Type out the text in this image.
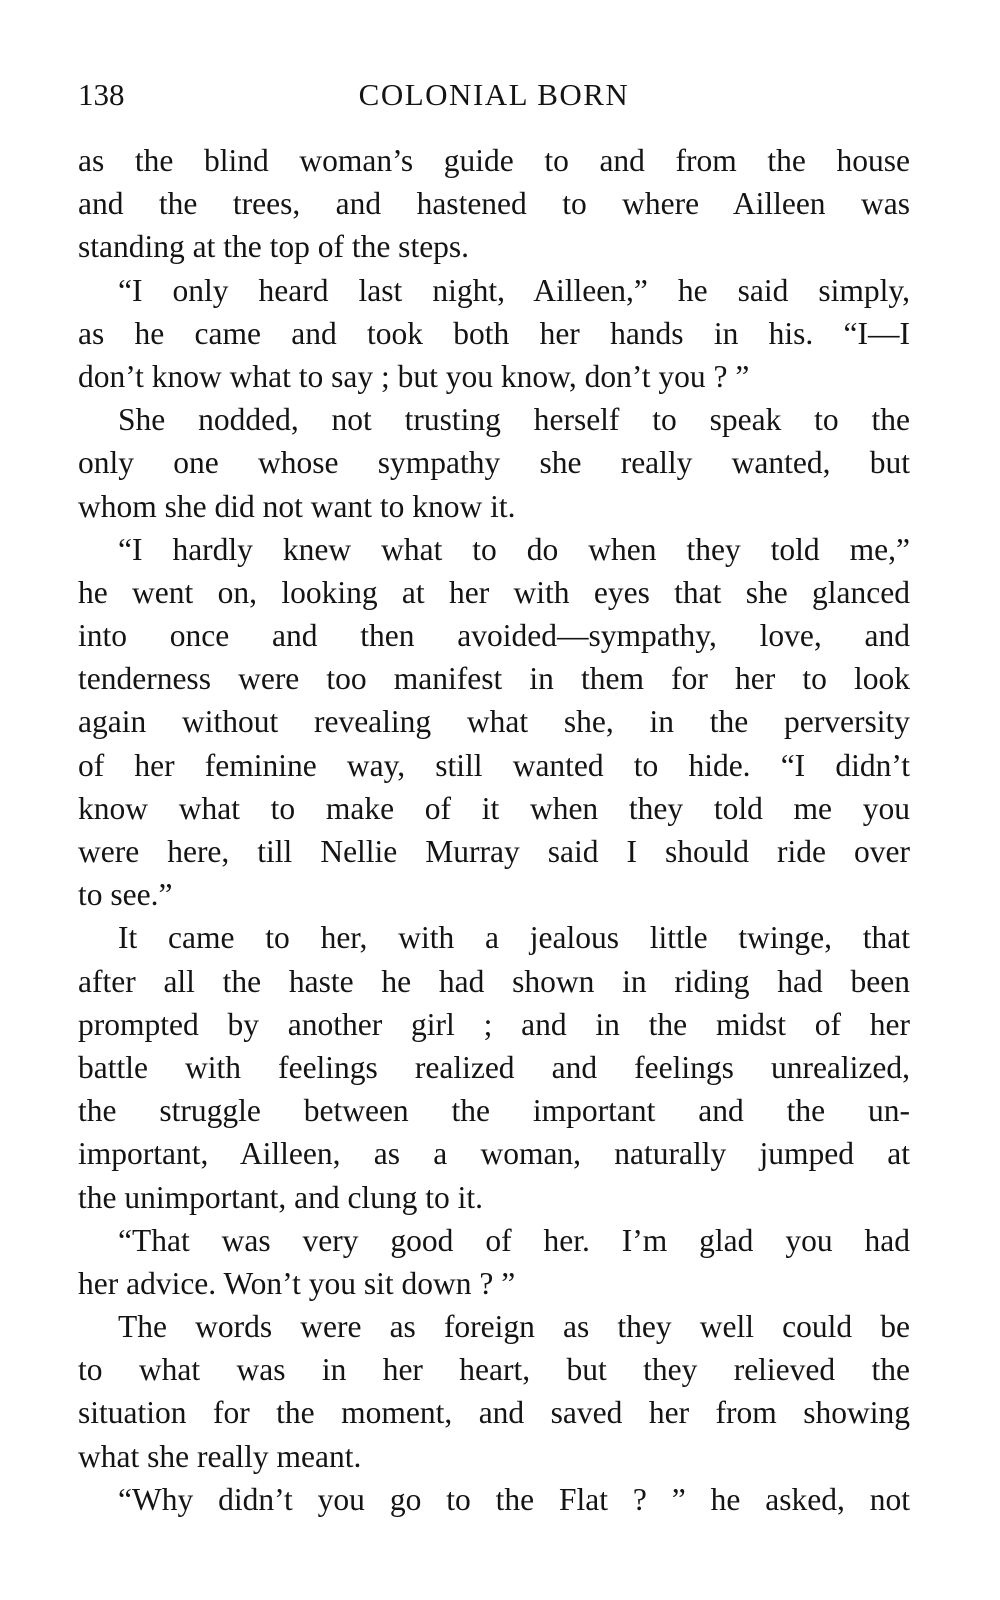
138	COLONIAL BORN

as the blind woman’s guide to and from the house
and the trees, and hastened to where Ailleen was
standing at the top of the steps.

“I only heard last night, Ailleen,” he said simply,
as he came and took both her hands in his. “I—I
don’t know what to say ; but you know, don’t you ? ”

She nodded, not trusting herself to speak to the
only one whose sympathy she really wanted, but
whom she did not want to know it.

“I hardly knew what to do when they told me,”
he went on, looking at her with eyes that she glanced
into once and then avoided—sympathy, love, and
tenderness were too manifest in them for her to look
again without revealing what she, in the perversity
of her feminine way, still wanted to hide. “I didn’t
know what to make of it when they told me you
were here, till Nellie Murray said I should ride over
to see.”

It came to her, with a jealous little twinge, that
after all the haste he had shown in riding had been
prompted by another girl ; and in the midst of her
battle with feelings realized and feelings unrealized,
the struggle between the important and the un-
important, Ailleen, as a woman, naturally jumped at
the unimportant, and clung to it.

“That was very good of her. I’m glad you had
her advice. Won’t you sit down ? ”

The words were as foreign as they well could be
to what was in her heart, but they relieved the
situation for the moment, and saved her from showing
what she really meant.

“Why didn’t you go to the Flat ? ” he asked, not
